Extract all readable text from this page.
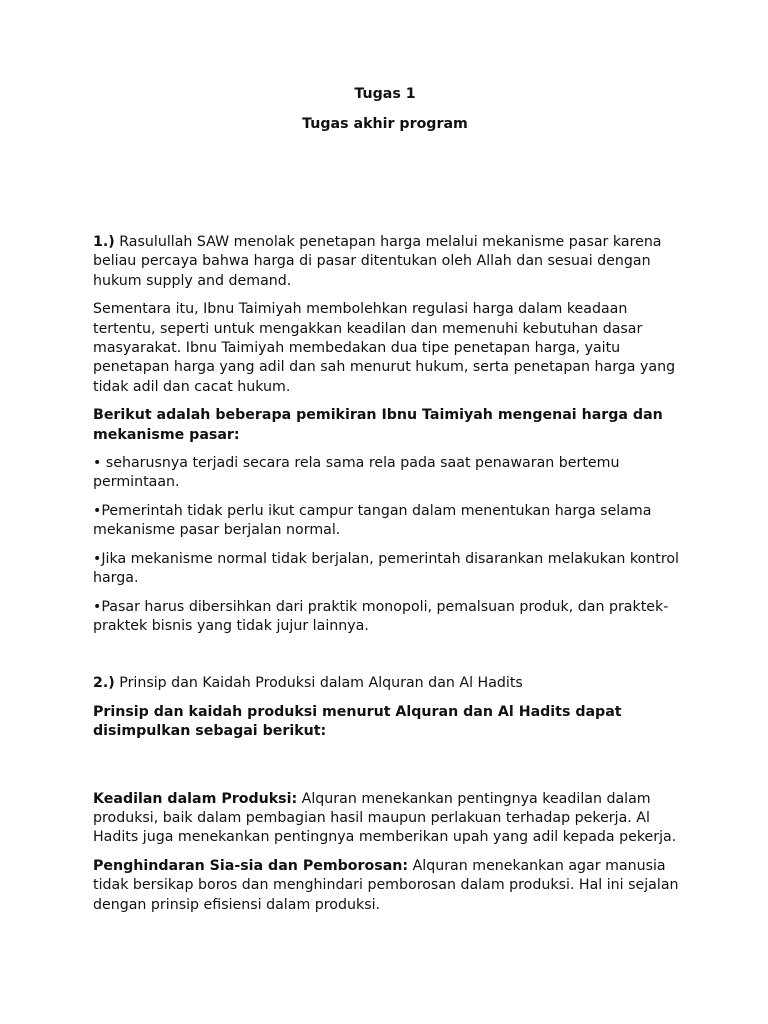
Tugas 1

Tugas akhir program

1.) Rasulullah SAW menolak penetapan harga melalui mekanisme pasar karena beliau percaya bahwa harga di pasar ditentukan oleh Allah dan sesuai dengan hukum supply and demand.

Sementara itu, Ibnu Taimiyah membolehkan regulasi harga dalam keadaan tertentu, seperti untuk mengakkan keadilan dan memenuhi kebutuhan dasar masyarakat. Ibnu Taimiyah membedakan dua tipe penetapan harga, yaitu penetapan harga yang adil dan sah menurut hukum, serta penetapan harga yang tidak adil dan cacat hukum.

Berikut adalah beberapa pemikiran Ibnu Taimiyah mengenai harga dan mekanisme pasar:

• seharusnya terjadi secara rela sama rela pada saat penawaran bertemu permintaan.

•Pemerintah tidak perlu ikut campur tangan dalam menentukan harga selama mekanisme pasar berjalan normal.

•Jika mekanisme normal tidak berjalan, pemerintah disarankan melakukan kontrol harga.

•Pasar harus dibersihkan dari praktik monopoli, pemalsuan produk, dan praktek-praktek bisnis yang tidak jujur lainnya.

2.) Prinsip dan Kaidah Produksi dalam Alquran dan Al Hadits

Prinsip dan kaidah produksi menurut Alquran dan Al Hadits dapat disimpulkan sebagai berikut:

Keadilan dalam Produksi: Alquran menekankan pentingnya keadilan dalam produksi, baik dalam pembagian hasil maupun perlakuan terhadap pekerja. Al Hadits juga menekankan pentingnya memberikan upah yang adil kepada pekerja.

Penghindaran Sia-sia dan Pemborosan: Alquran menekankan agar manusia tidak bersikap boros dan menghindari pemborosan dalam produksi. Hal ini sejalan dengan prinsip efisiensi dalam produksi.
